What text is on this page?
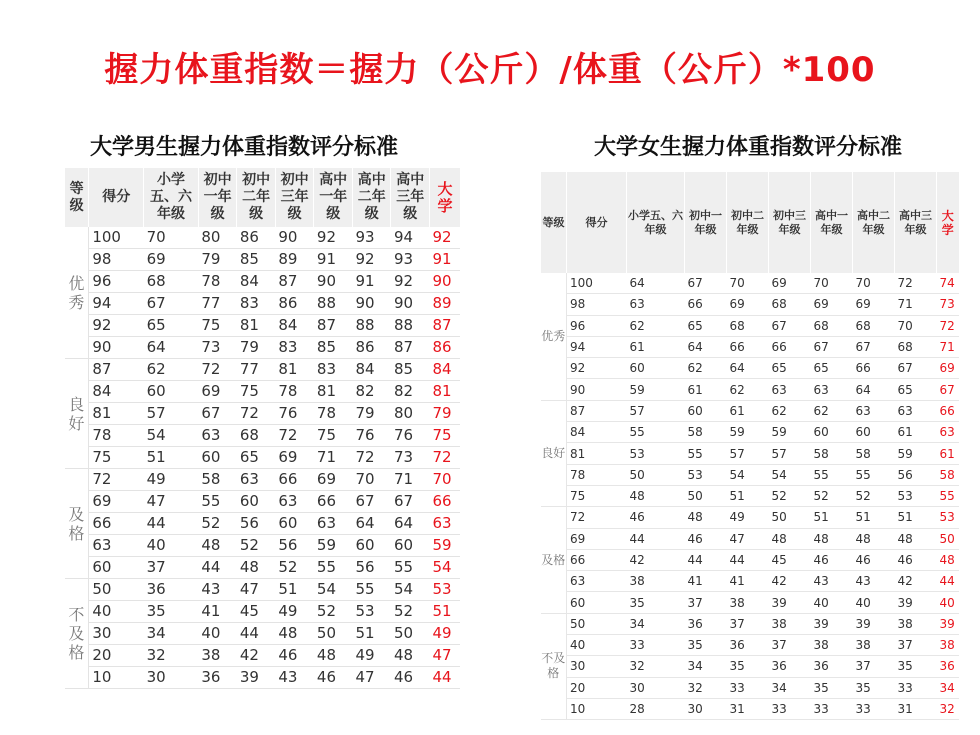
握力体重指数＝握力（公斤）/体重（公斤）*100
大学男生握力体重指数评分标准	大学女生握力体重指数评分标准
等级	得分	小学五、六年级	初中一年级	初中二年级	初中三年级	高中一年级	高中二年级	高中三年级	大学
优秀	100	70	80	86	90	92	93	94	92
	98	69	79	85	89	91	92	93	91
	96	68	78	84	87	90	91	92	90
	94	67	77	83	86	88	90	90	89
	92	65	75	81	84	87	88	88	87
	90	64	73	79	83	85	86	87	86
良好	87	62	72	77	81	83	84	85	84
	84	60	69	75	78	81	82	82	81
	81	57	67	72	76	78	79	80	79
	78	54	63	68	72	75	76	76	75
	75	51	60	65	69	71	72	73	72
及格	72	49	58	63	66	69	70	71	70
	69	47	55	60	63	66	67	67	66
	66	44	52	56	60	63	64	64	63
	63	40	48	52	56	59	60	60	59
	60	37	44	48	52	55	56	55	54
不及格	50	36	43	47	51	54	55	54	53
	40	35	41	45	49	52	53	52	51
	30	34	40	44	48	50	51	50	49
	20	32	38	42	46	48	49	48	47
	10	30	36	39	43	46	47	46	44
等级	得分	小学五、六年级	初中一年级	初中二年级	初中三年级	高中一年级	高中二年级	高中三年级	大学
优秀	100	64	67	70	69	70	70	72	74
	98	63	66	69	68	69	69	71	73
	96	62	65	68	67	68	68	70	72
	94	61	64	66	66	67	67	68	71
	92	60	62	64	65	65	66	67	69
	90	59	61	62	63	63	64	65	67
良好	87	57	60	61	62	62	63	63	66
	84	55	58	59	59	60	60	61	63
	81	53	55	57	57	58	58	59	61
	78	50	53	54	54	55	55	56	58
	75	48	50	51	52	52	52	53	55
及格	72	46	48	49	50	51	51	51	53
	69	44	46	47	48	48	48	48	50
	66	42	44	44	45	46	46	46	48
	63	38	41	41	42	43	43	42	44
	60	35	37	38	39	40	40	39	40
不及格	50	34	36	37	38	39	39	38	39
	40	33	35	36	37	38	38	37	38
	30	32	34	35	36	36	37	35	36
	20	30	32	33	34	35	35	33	34
	10	28	30	31	33	33	33	31	32
